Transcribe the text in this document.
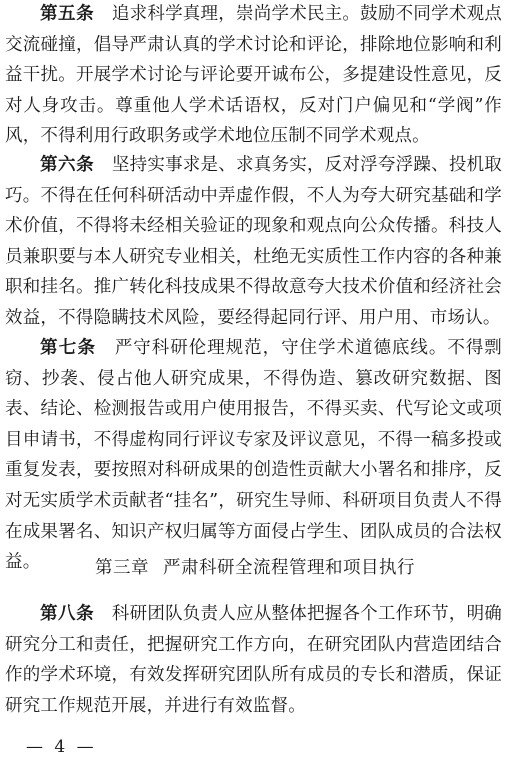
第五条　 追求科学真理，崇尚学术民主。鼓励不同学术观点交流碰撞，倡导严肃认真的学术讨论和评论，排除地位影响和利益干扰。开展学术讨论与评论要开诚布公，多提建设性意见，反对人身攻击。尊重他人学术话语权，反对门户偏见和“学阀”作风，不得利用行政职务或学术地位压制不同学术观点。

第六条　 坚持实事求是、求真务实，反对浮夸浮躁、投机取巧。不得在任何科研活动中弄虚作假，不人为夸大研究基础和学术价值，不得将未经相关验证的现象和观点向公众传播。科技人员兼职要与本人研究专业相关，杜绝无实质性工作内容的各种兼职和挂名。推广转化科技成果不得故意夸大技术价值和经济社会效益，不得隐瞒技术风险，要经得起同行评、用户用、市场认。

第七条　 严守科研伦理规范，守住学术道德底线。不得剽窃、抄袭、侵占他人研究成果，不得伪造、篡改研究数据、图表、结论、检测报告或用户使用报告，不得买卖、代写论文或项目申请书，不得虚构同行评议专家及评议意见，不得一稿多投或重复发表，要按照对科研成果的创造性贡献大小署名和排序，反对无实质学术贡献者“挂名”，研究生导师、科研项目负责人不得在成果署名、知识产权归属等方面侵占学生、团队成员的合法权益。	第三章 严肃科研全流程管理和项目执行

第八条　 科研团队负责人应从整体把握各个工作环节，明确研究分工和责任，把握研究工作方向，在研究团队内营造团结合作的学术环境，有效发挥研究团队所有成员的专长和潜质，保证研究工作规范开展，并进行有效监督。

— 4 —
